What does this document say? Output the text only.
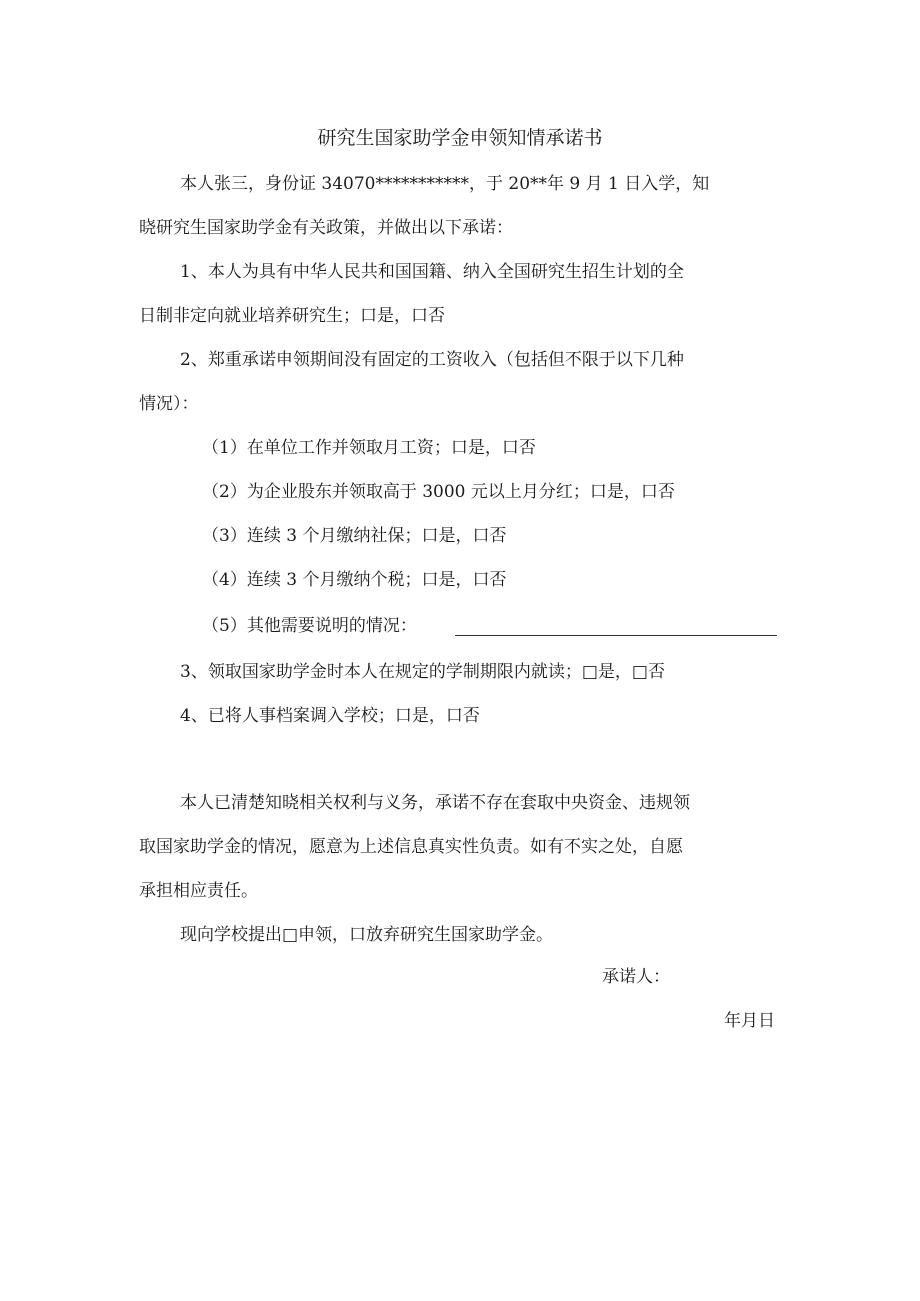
研究生国家助学金申领知情承诺书
本人张三，身份证 34070***********，于 20**年 9 月 1 日入学，知
晓研究生国家助学金有关政策，并做出以下承诺：
1、本人为具有中华人民共和国国籍、纳入全国研究生招生计划的全
日制非定向就业培养研究生；口是，口否
2、郑重承诺申领期间没有固定的工资收入（包括但不限于以下几种
情况）：
（1）在单位工作并领取月工资；口是，口否
（2）为企业股东并领取高于 3000 元以上月分红；口是，口否
（3）连续 3 个月缴纳社保；口是，口否
（4）连续 3 个月缴纳个税；口是，口否
（5）其他需要说明的情况：
3、领取国家助学金时本人在规定的学制期限内就读；□是，□否
4、已将人事档案调入学校；口是，口否
本人已清楚知晓相关权利与义务，承诺不存在套取中央资金、违规领
取国家助学金的情况，愿意为上述信息真实性负责。如有不实之处，自愿
承担相应责任。
现向学校提出□申领，口放弃研究生国家助学金。
承诺人：
年月日
